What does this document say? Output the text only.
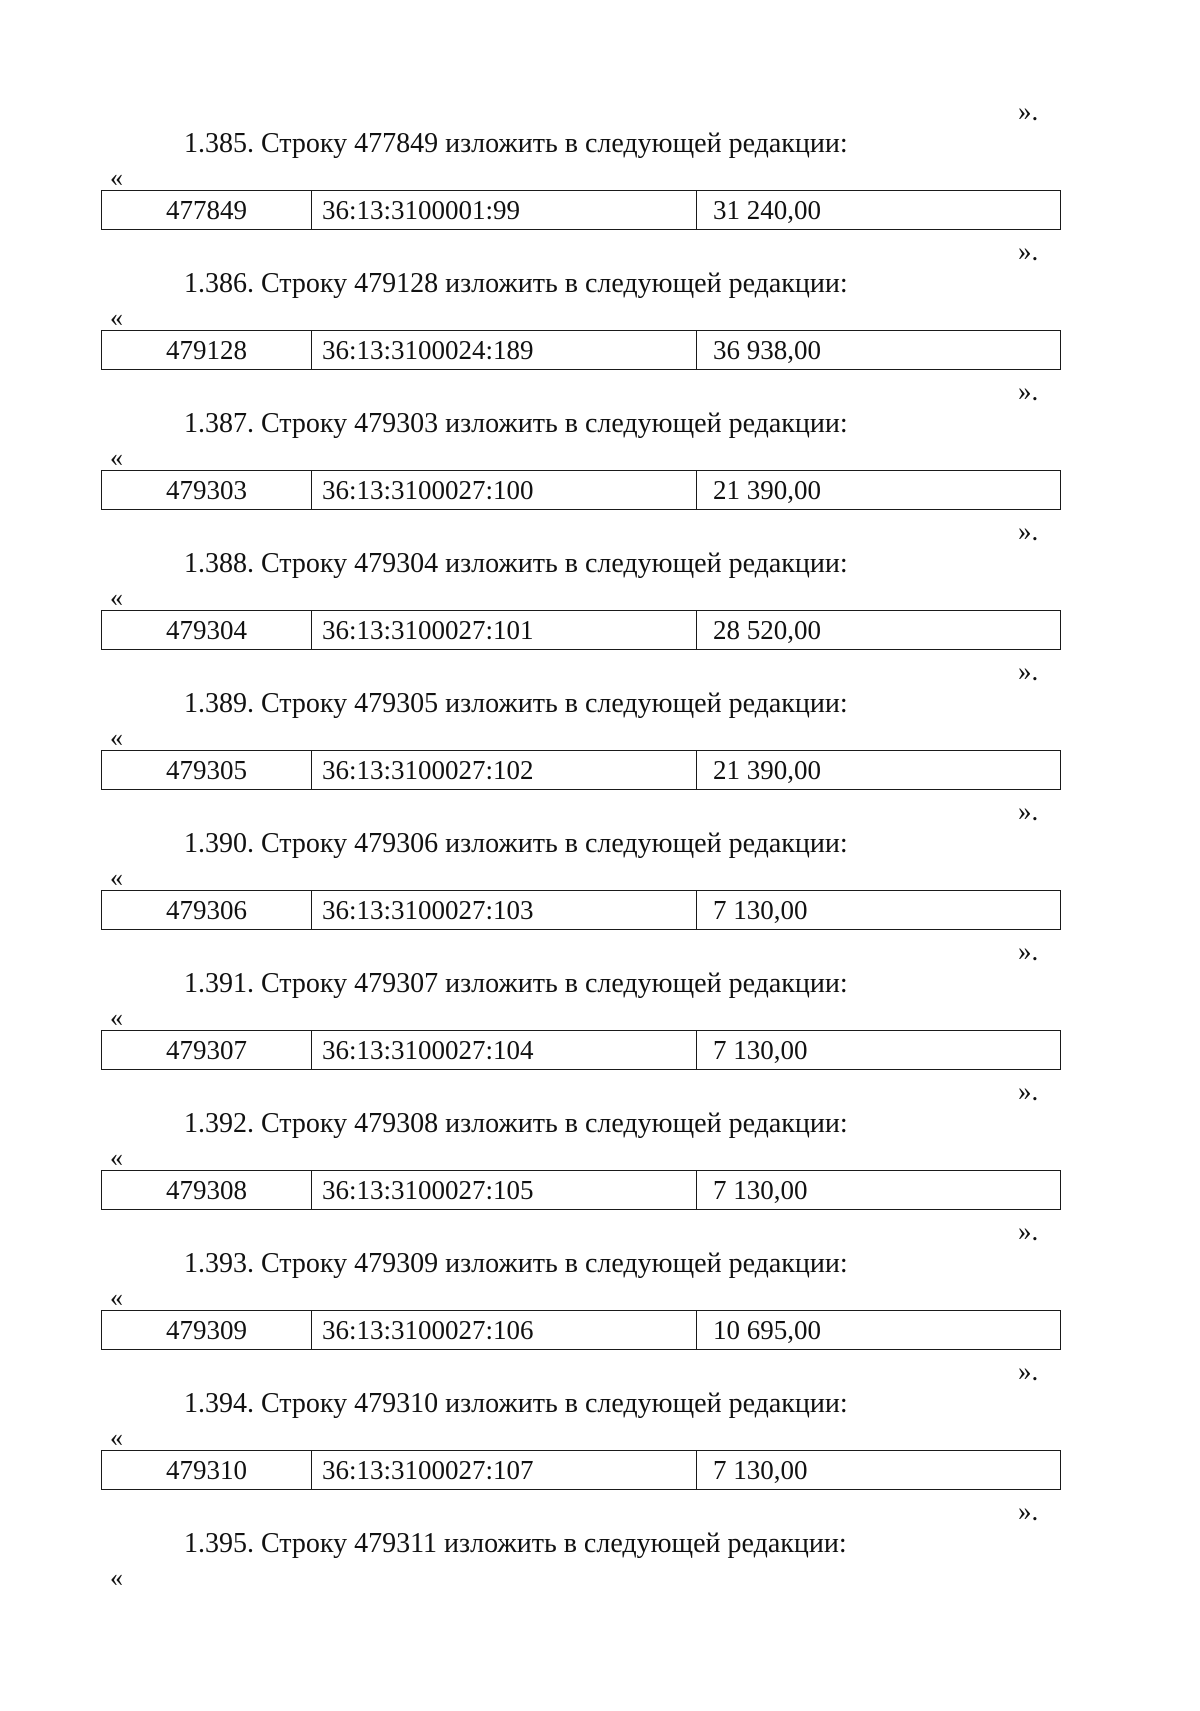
».
1.385. Строку 477849 изложить в следующей редакции:
«
477849	36:13:3100001:99	31 240,00
».
1.386. Строку 479128 изложить в следующей редакции:
«
479128	36:13:3100024:189	36 938,00
».
1.387. Строку 479303 изложить в следующей редакции:
«
479303	36:13:3100027:100	21 390,00
».
1.388. Строку 479304 изложить в следующей редакции:
«
479304	36:13:3100027:101	28 520,00
».
1.389. Строку 479305 изложить в следующей редакции:
«
479305	36:13:3100027:102	21 390,00
».
1.390. Строку 479306 изложить в следующей редакции:
«
479306	36:13:3100027:103	7 130,00
».
1.391. Строку 479307 изложить в следующей редакции:
«
479307	36:13:3100027:104	7 130,00
».
1.392. Строку 479308 изложить в следующей редакции:
«
479308	36:13:3100027:105	7 130,00
».
1.393. Строку 479309 изложить в следующей редакции:
«
479309	36:13:3100027:106	10 695,00
».
1.394. Строку 479310 изложить в следующей редакции:
«
479310	36:13:3100027:107	7 130,00
».
1.395. Строку 479311 изложить в следующей редакции:
«
